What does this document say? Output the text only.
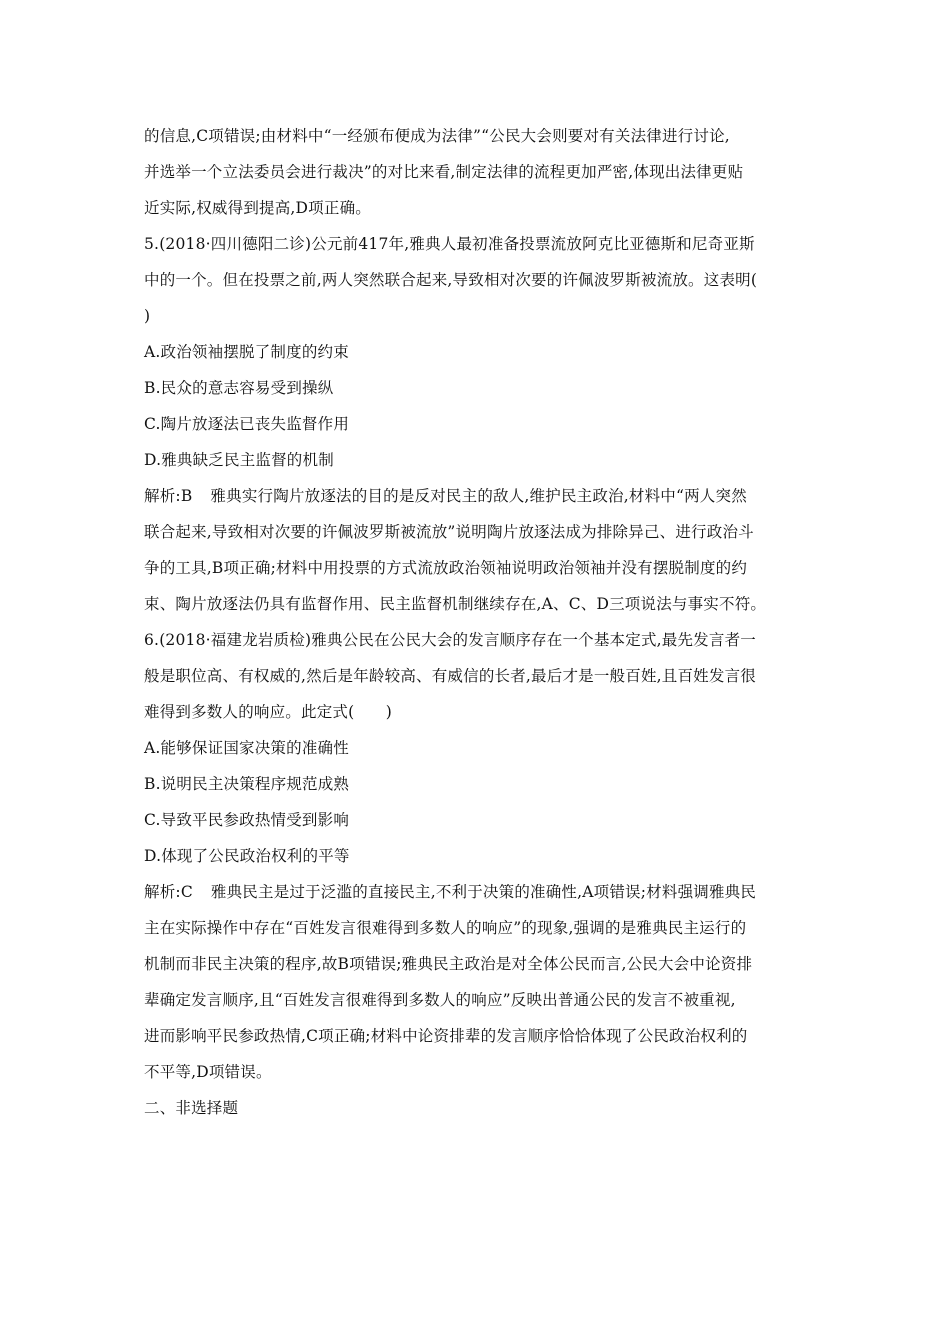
的信息,C项错误;由材料中“一经颁布便成为法律”“公民大会则要对有关法律进行讨论,
并选举一个立法委员会进行裁决”的对比来看,制定法律的流程更加严密,体现出法律更贴
近实际,权威得到提高,D项正确。
5.(2018·四川德阳二诊)公元前417年,雅典人最初准备投票流放阿克比亚德斯和尼奇亚斯
中的一个。但在投票之前,两人突然联合起来,导致相对次要的许佩波罗斯被流放。这表明(
)
A.政治领袖摆脱了制度的约束
B.民众的意志容易受到操纵
C.陶片放逐法已丧失监督作用
D.雅典缺乏民主监督的机制
解析:B 雅典实行陶片放逐法的目的是反对民主的敌人,维护民主政治,材料中“两人突然
联合起来,导致相对次要的许佩波罗斯被流放”说明陶片放逐法成为排除异己、进行政治斗
争的工具,B项正确;材料中用投票的方式流放政治领袖说明政治领袖并没有摆脱制度的约
束、陶片放逐法仍具有监督作用、民主监督机制继续存在,A、C、D三项说法与事实不符。
6.(2018·福建龙岩质检)雅典公民在公民大会的发言顺序存在一个基本定式,最先发言者一
般是职位高、有权威的,然后是年龄较高、有威信的长者,最后才是一般百姓,且百姓发言很
难得到多数人的响应。此定式(　　)
A.能够保证国家决策的准确性
B.说明民主决策程序规范成熟
C.导致平民参政热情受到影响
D.体现了公民政治权利的平等
解析:C 雅典民主是过于泛滥的直接民主,不利于决策的准确性,A项错误;材料强调雅典民
主在实际操作中存在“百姓发言很难得到多数人的响应”的现象,强调的是雅典民主运行的
机制而非民主决策的程序,故B项错误;雅典民主政治是对全体公民而言,公民大会中论资排
辈确定发言顺序,且“百姓发言很难得到多数人的响应”反映出普通公民的发言不被重视,
进而影响平民参政热情,C项正确;材料中论资排辈的发言顺序恰恰体现了公民政治权利的
不平等,D项错误。
二、非选择题
